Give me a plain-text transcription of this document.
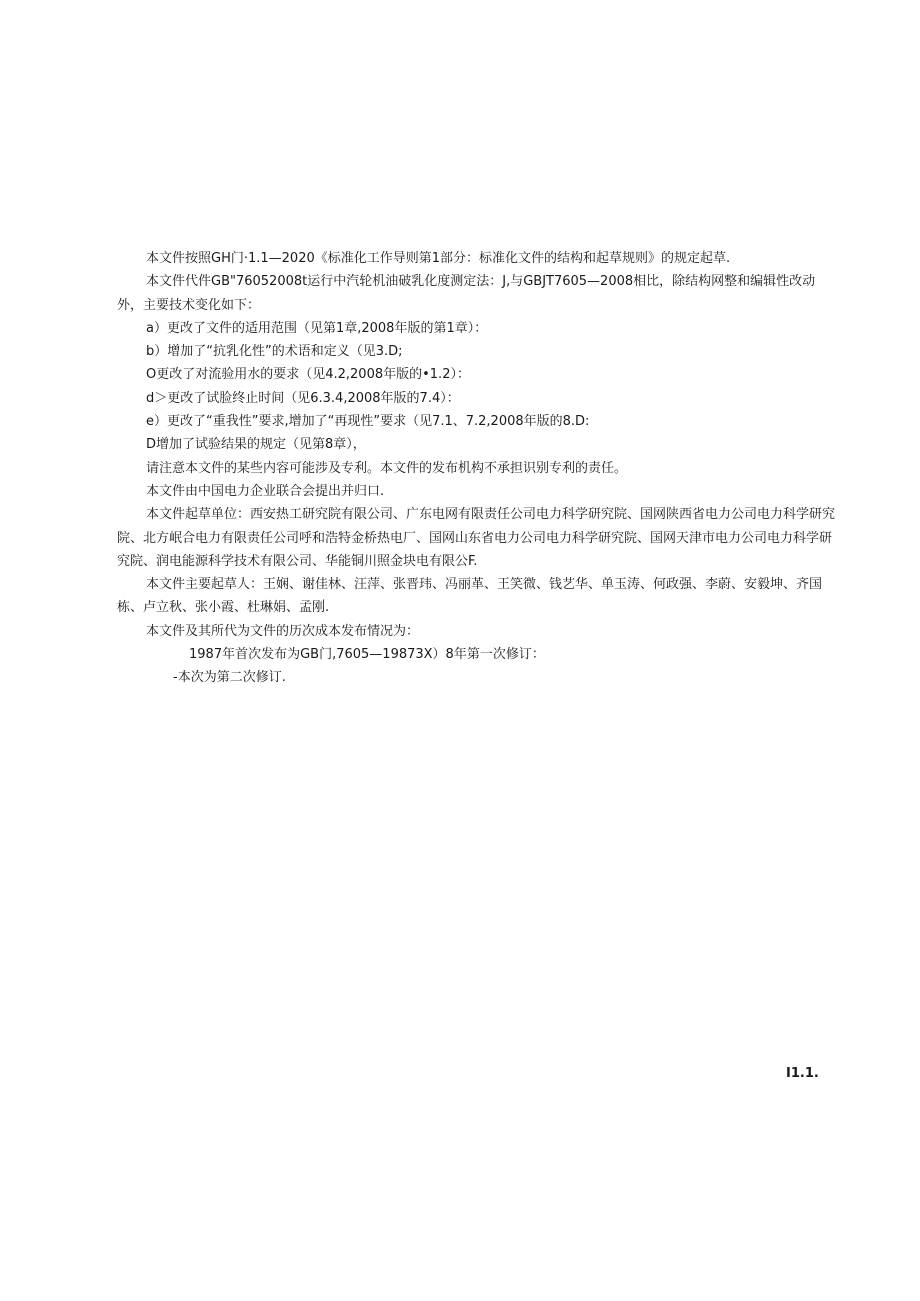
本文件按照GH门·1.1—2020《标准化工作导则第1部分：标准化文件的结构和起草规则》的规定起草.

本文件代件GB"76052008t运行中汽轮机油破乳化度测定法：J,与GBJT7605—2008相比，除结构网整和编辑性改动外，主要技术变化如下：

a）更改了文件的适用范围（见第1章,2008年版的第1章）：

b）增加了“抗乳化性”的术语和定义（见3.D;

O更改了对流验用水的要求（见4.2,2008年版的•1.2）：

d＞更改了试脸终止时间（见6.3.4,2008年版的7.4）：

e）更改了“重我性”要求,增加了“再现性”要求（见7.1、7.2,2008年版的8.D:

D增加了试验结果的规定（见第8章），

请注意本文件的某些内容可能涉及专利。本文件的发布机构不承担识别专利的责任。

本文件由中国电力企业联合会提出并归口.

本文件起草单位：西安热工研究院有限公司、广东电网有限责任公司电力科学研究院、国网陕西省电力公司电力科学研究院、北方岷合电力有限责任公司呼和浩特金桥热电厂、国网山东省电力公司电力科学研究院、国网天津市电力公司电力科学研究院、润电能源科学技术有限公司、华能铜川照金块电有限公F.

本文件主要起草人：王娴、谢佳林、汪萍、张晋玮、冯丽革、王笑微、钱艺华、单玉涛、何政强、李蔚、安毅坤、齐国栋、卢立秋、张小霞、杜琳娟、孟刚.

本文件及其所代为文件的历次成本发布情况为：

1987年首次发布为GB门,7605—19873X）8年第一次修订：

-本次为第二次修订.

I1.1.
